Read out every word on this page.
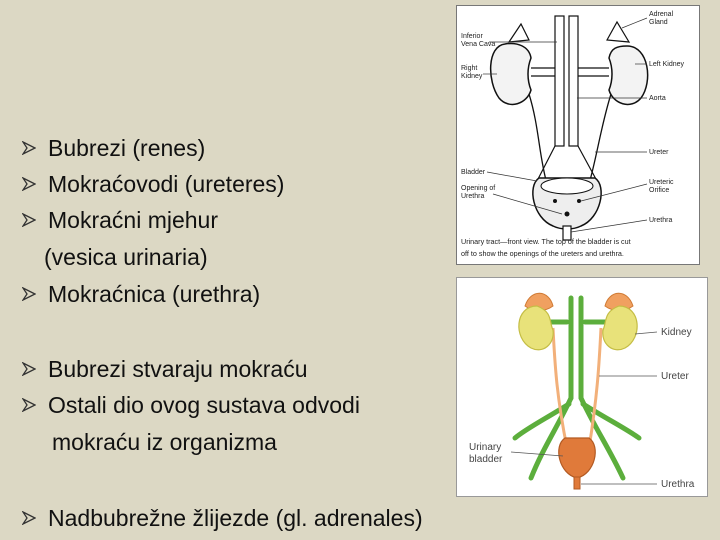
Bubrezi (renes)
Mokraćovodi (ureteres)
Mokraćni mjehur
(vesica urinaria)
Mokraćnica (urethra)
Bubrezi stvaraju mokraću
Ostali dio ovog sustava odvodi
mokraću iz organizma
Nadbubrežne žlijezde (gl. adrenales)
Adrenal
Gland
Inferior
Vena Cava
Right
Kidney
Left Kidney
Aorta
Ureter
Bladder
Opening of
Urethra
Ureteric
Orifice
Urethra
Urinary tract—front view. The top of the bladder is cut
off to show the openings of the ureters and urethra.
Kidney
Ureter
Urinary
bladder
Urethra
